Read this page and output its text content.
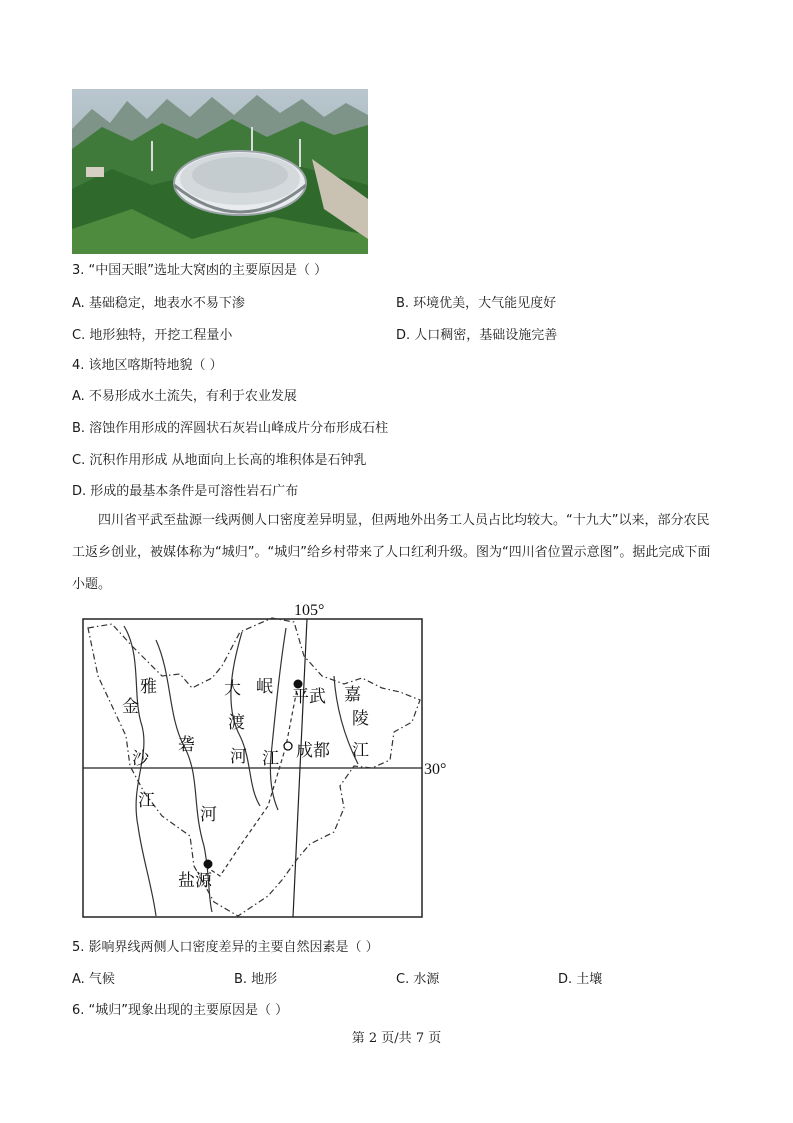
3. “中国天眼”选址大窝凼的主要原因是（ ）
A. 基础稳定，地表水不易下渗	B. 环境优美，大气能见度好
C. 地形独特，开挖工程量小	D. 人口稠密，基础设施完善
4. 该地区喀斯特地貌（ ）
A. 不易形成水土流失，有利于农业发展
B. 溶蚀作用形成的浑圆状石灰岩山峰成片分布形成石柱
C. 沉积作用形成 从地面向上长高的堆积体是石钟乳
D. 形成的最基本条件是可溶性岩石广布
四川省平武至盐源一线两侧人口密度差异明显，但两地外出务工人员占比均较大。“十九大”以来，部分农民工返乡创业，被媒体称为“城归”。“城归”给乡村带来了人口红利升级。图为“四川省位置示意图”。据此完成下面小题。
105°
30°
雅
金
沙
江
砻
河
大 岷
渡
河 江
平武
成都
盐源
嘉
陵
江
5. 影响界线两侧人口密度差异的主要自然因素是（ ）
A. 气候	B. 地形	C. 水源	D. 土壤
6. “城归”现象出现的主要原因是（ ）
第 2 页/共 7 页
